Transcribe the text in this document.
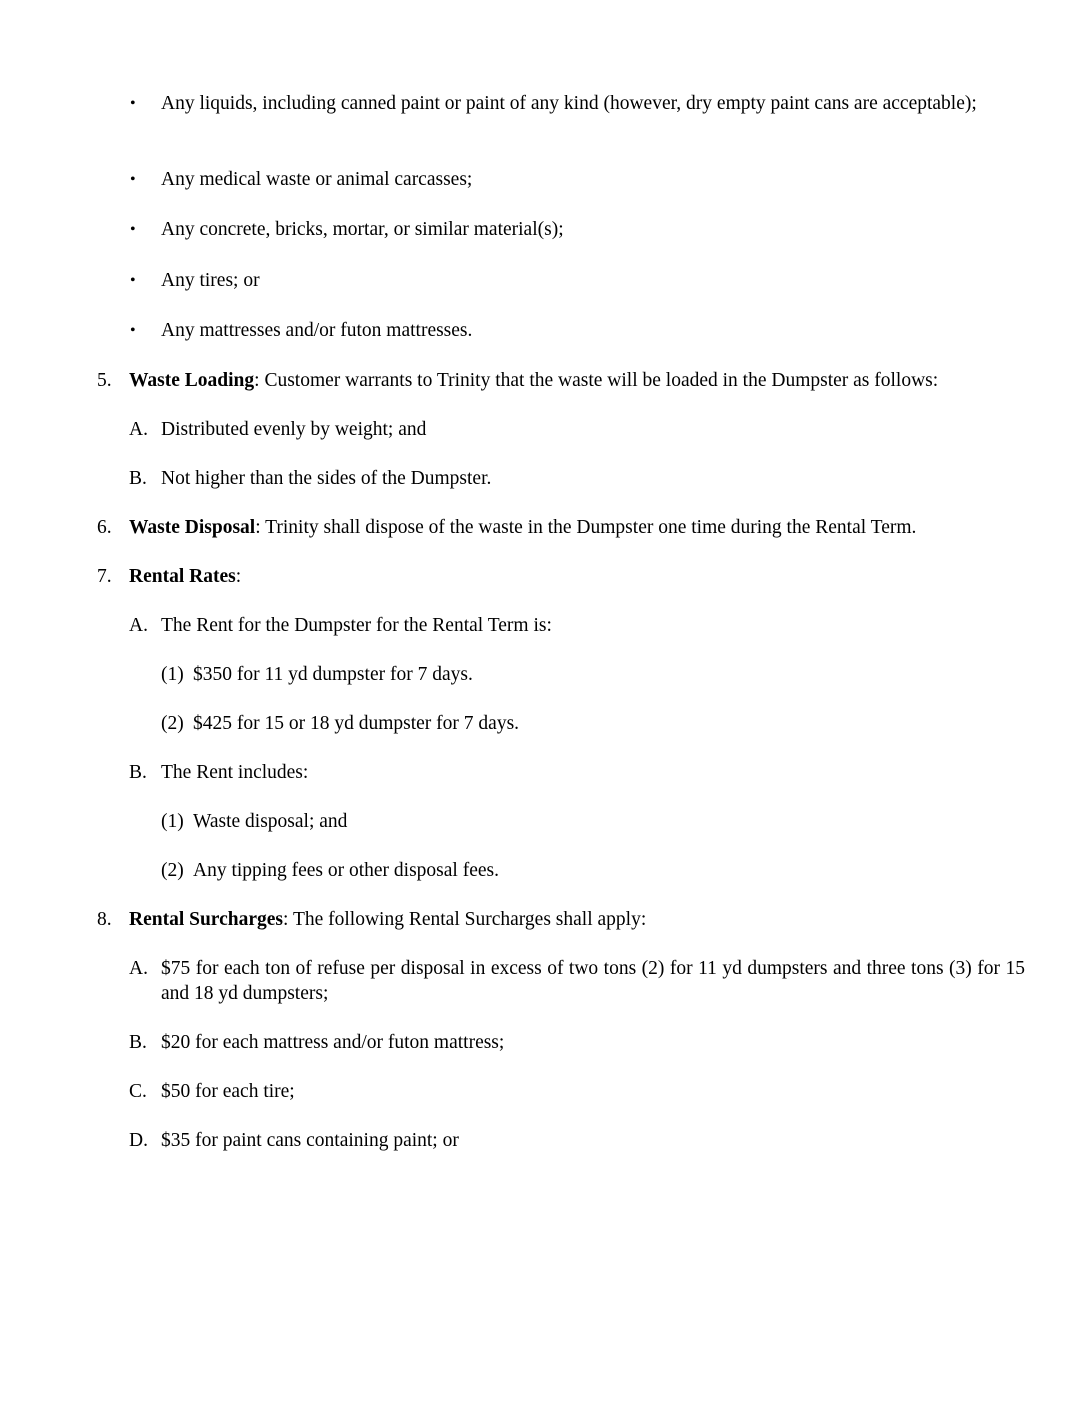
• Any liquids, including canned paint or paint of any kind (however, dry empty paint cans are acceptable);
• Any medical waste or animal carcasses;
• Any concrete, bricks, mortar, or similar material(s);
• Any tires; or
• Any mattresses and/or futon mattresses.
5. Waste Loading: Customer warrants to Trinity that the waste will be loaded in the Dumpster as follows:
A. Distributed evenly by weight; and
B. Not higher than the sides of the Dumpster.
6. Waste Disposal: Trinity shall dispose of the waste in the Dumpster one time during the Rental Term.
7. Rental Rates:
A. The Rent for the Dumpster for the Rental Term is:
(1) $350 for 11 yd dumpster for 7 days.
(2) $425 for 15 or 18 yd dumpster for 7 days.
B. The Rent includes:
(1) Waste disposal; and
(2) Any tipping fees or other disposal fees.
8. Rental Surcharges: The following Rental Surcharges shall apply:
A. $75 for each ton of refuse per disposal in excess of two tons (2) for 11 yd dumpsters and three tons (3) for 15 and 18 yd dumpsters;
B. $20 for each mattress and/or futon mattress;
C. $50 for each tire;
D. $35 for paint cans containing paint; or
